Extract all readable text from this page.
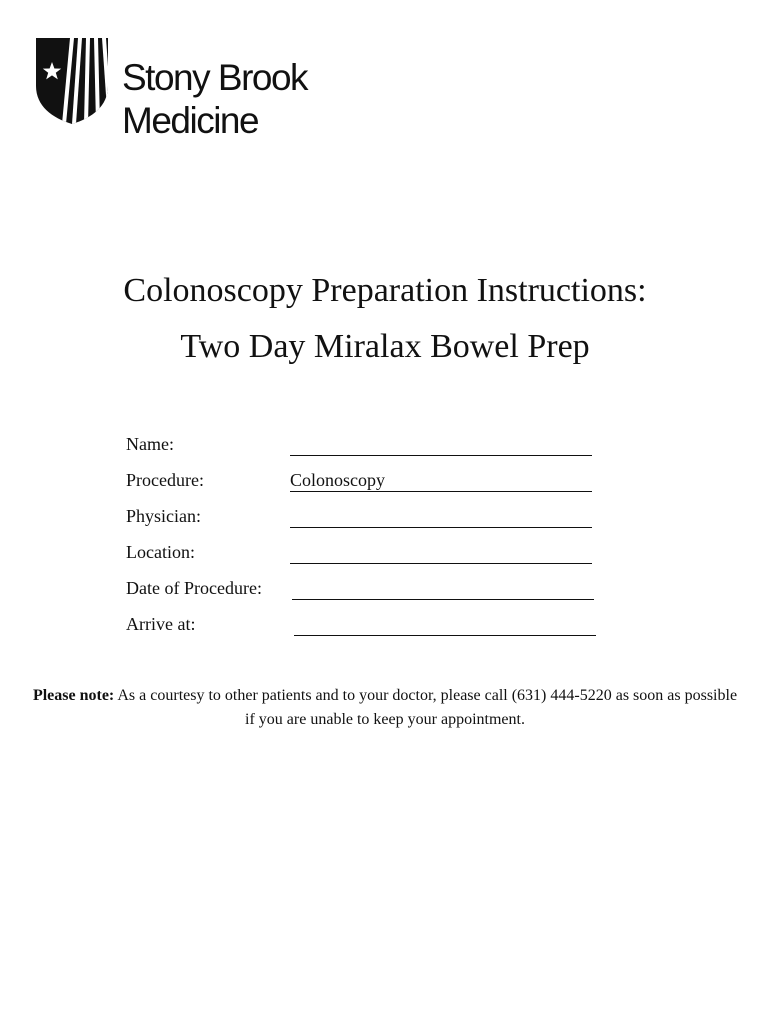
Stony Brook
Medicine
Colonoscopy Preparation Instructions:
Two Day Miralax Bowel Prep
Name:
Procedure:	Colonoscopy
Physician:
Location:
Date of Procedure:
Arrive at:
Please note: As a courtesy to other patients and to your doctor, please call (631) 444-5220 as soon as possible if you are unable to keep your appointment.
